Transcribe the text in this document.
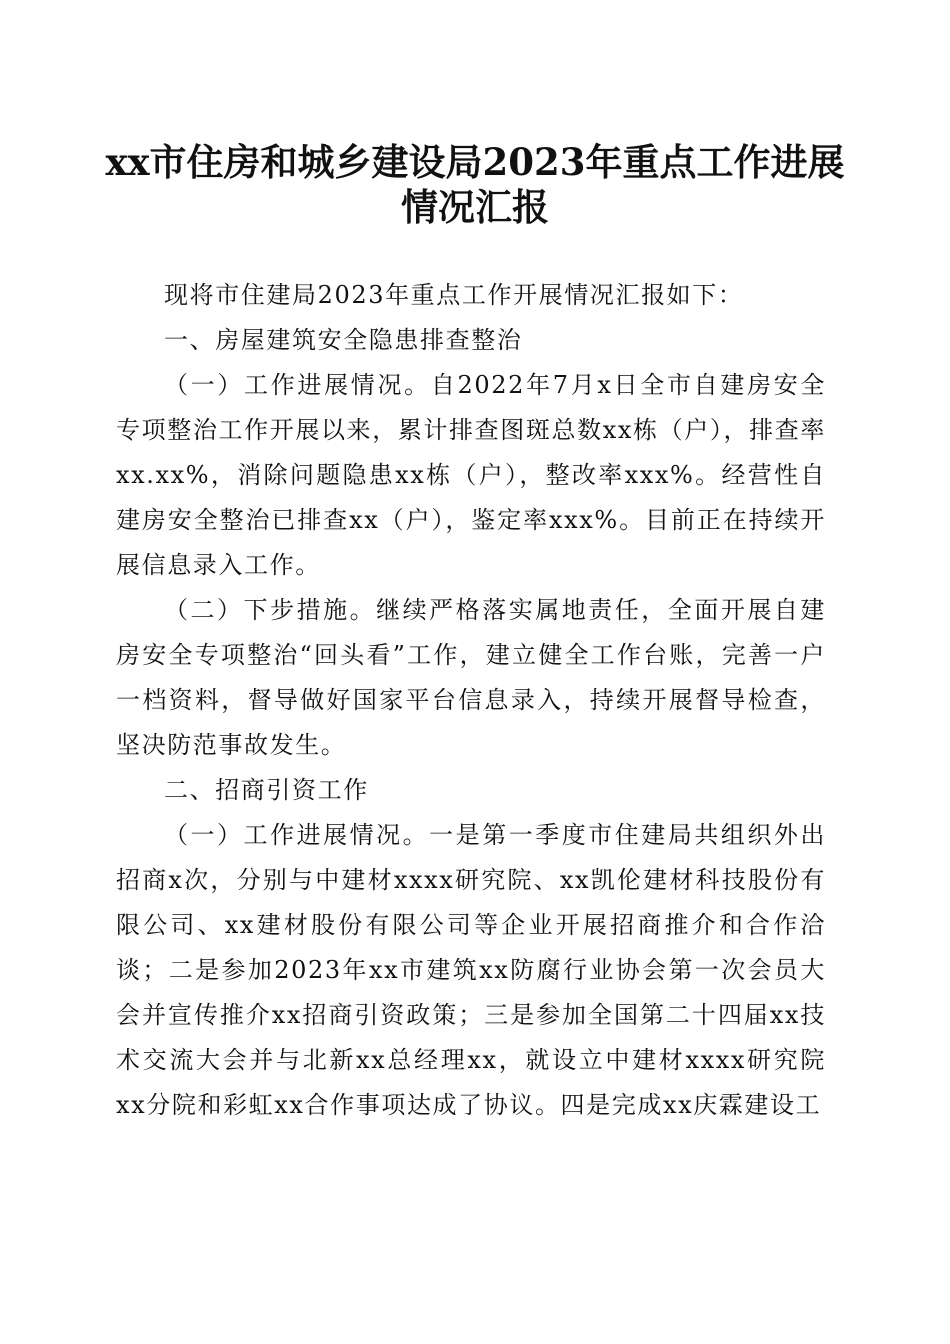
xx市住房和城乡建设局2023年重点工作进展
情况汇报

现将市住建局2023年重点工作开展情况汇报如下：

一、房屋建筑安全隐患排查整治

（一）工作进展情况。自2022年7月x日全市自建房安全专项整治工作开展以来，累计排查图斑总数xx栋（户），排查率xx.xx%，消除问题隐患xx栋（户），整改率xxx%。经营性自建房安全整治已排查xx（户），鉴定率xxx%。目前正在持续开展信息录入工作。

（二）下步措施。继续严格落实属地责任，全面开展自建房安全专项整治“回头看”工作，建立健全工作台账，完善一户一档资料，督导做好国家平台信息录入，持续开展督导检查，坚决防范事故发生。

二、招商引资工作

（一）工作进展情况。一是第一季度市住建局共组织外出招商x次，分别与中建材xxxx研究院、xx凯伦建材科技股份有限公司、xx建材股份有限公司等企业开展招商推介和合作洽谈；二是参加2023年xx市建筑xx防腐行业协会第一次会员大会并宣传推介xx招商引资政策；三是参加全国第二十四届xx技术交流大会并与北新xx总经理xx，就设立中建材xxxx研究院xx分院和彩虹xx合作事项达成了协议。四是完成xx庆霖建设工
